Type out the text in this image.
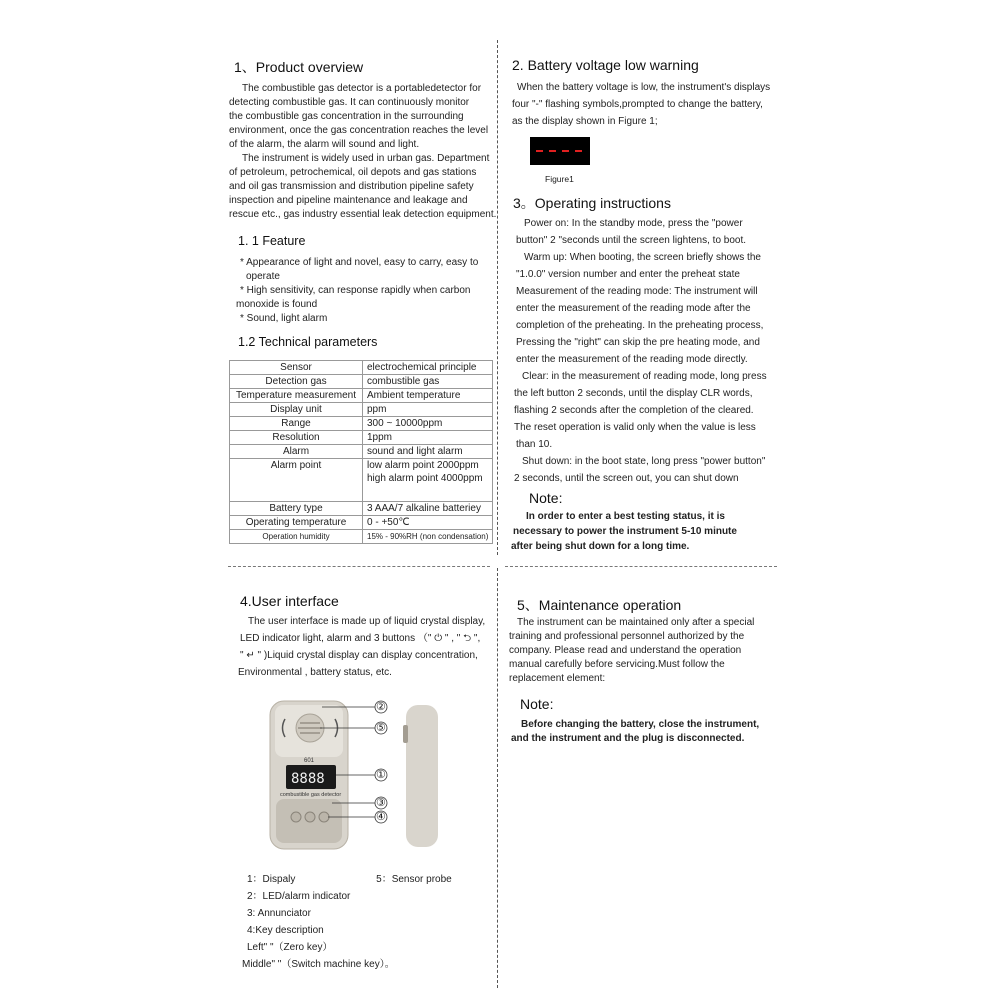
1、Product overview
The combustible gas detector is a portabledetector for
detecting combustible gas. It can continuously monitor
the combustible gas concentration in the surrounding
environment, once the gas concentration reaches the level
of the alarm, the alarm will sound and light.
The instrument is widely used in urban gas. Department
of petroleum, petrochemical, oil depots and gas stations
and oil gas transmission and distribution pipeline safety
inspection and pipeline maintenance and leakage and
rescue etc., gas industry essential leak detection equipment.
1. 1 Feature
* Appearance of light and novel, easy to carry, easy to
operate
* High sensitivity, can response rapidly when carbon
monoxide is found
* Sound, light alarm
1.2 Technical parameters
Sensor	electrochemical principle
Detection gas	combustible gas
Temperature measurement	Ambient temperature
Display unit	ppm
Range	300 ~ 10000ppm
Resolution	1ppm
Alarm	sound and light alarm
Alarm point	low alarm point 2000ppm
high alarm point 4000ppm

Battery type	3 AAA/7 alkaline batteriey
Operating temperature	0 - +50℃
Operation humidity	15% - 90%RH (non condensation)
2. Battery voltage low warning
When the battery voltage is low, the instrument's displays
four "-" flashing symbols,prompted to change the battery,
as the display shown in Figure 1;
Figure1
3。Operating instructions
Power on: In the standby mode, press the "power
button" 2 "seconds until the screen lightens, to boot.
Warm up: When booting, the screen briefly shows the
"1.0.0" version number and enter the preheat state
Measurement of the reading mode: The instrument will
enter the measurement of the reading mode after the
completion of the preheating. In the preheating process,
Pressing the "right" can skip the pre heating mode, and
enter the measurement of the reading mode directly.
Clear: in the measurement of reading mode, long press
the left button 2 seconds, until the display CLR words,
flashing 2 seconds after the completion of the cleared.
The reset operation is valid only when the value is less
than 10.
Shut down: in the boot state, long press "power button"
2 seconds, until the screen out, you can shut down
Note:
In order to enter a best testing status, it is
necessary to power the instrument 5-10 minute
after being shut down for a long time.
4.User interface
The user interface is made up of liquid crystal display,
LED indicator light, alarm and 3 buttons （" ⏻ " , " ⮌ ",
" ↵ " )Liquid crystal display can display concentration,
Environmental , battery status, etc.
601
8888
combustible gas detector
1：Dispaly	5：Sensor probe
2：LED/alarm indicator
3: Annunciator
4:Key description
Left" "（Zero key）
Middle" "（Switch machine key）。
5、Maintenance operation
The instrument can be maintained only after a special
training and professional personnel authorized by the
company. Please read and understand the operation
manual carefully before servicing.Must follow the
replacement element:
Note:
Before changing the battery, close the instrument,
and the instrument and the plug is disconnected.
②
⑤
①
③
④
